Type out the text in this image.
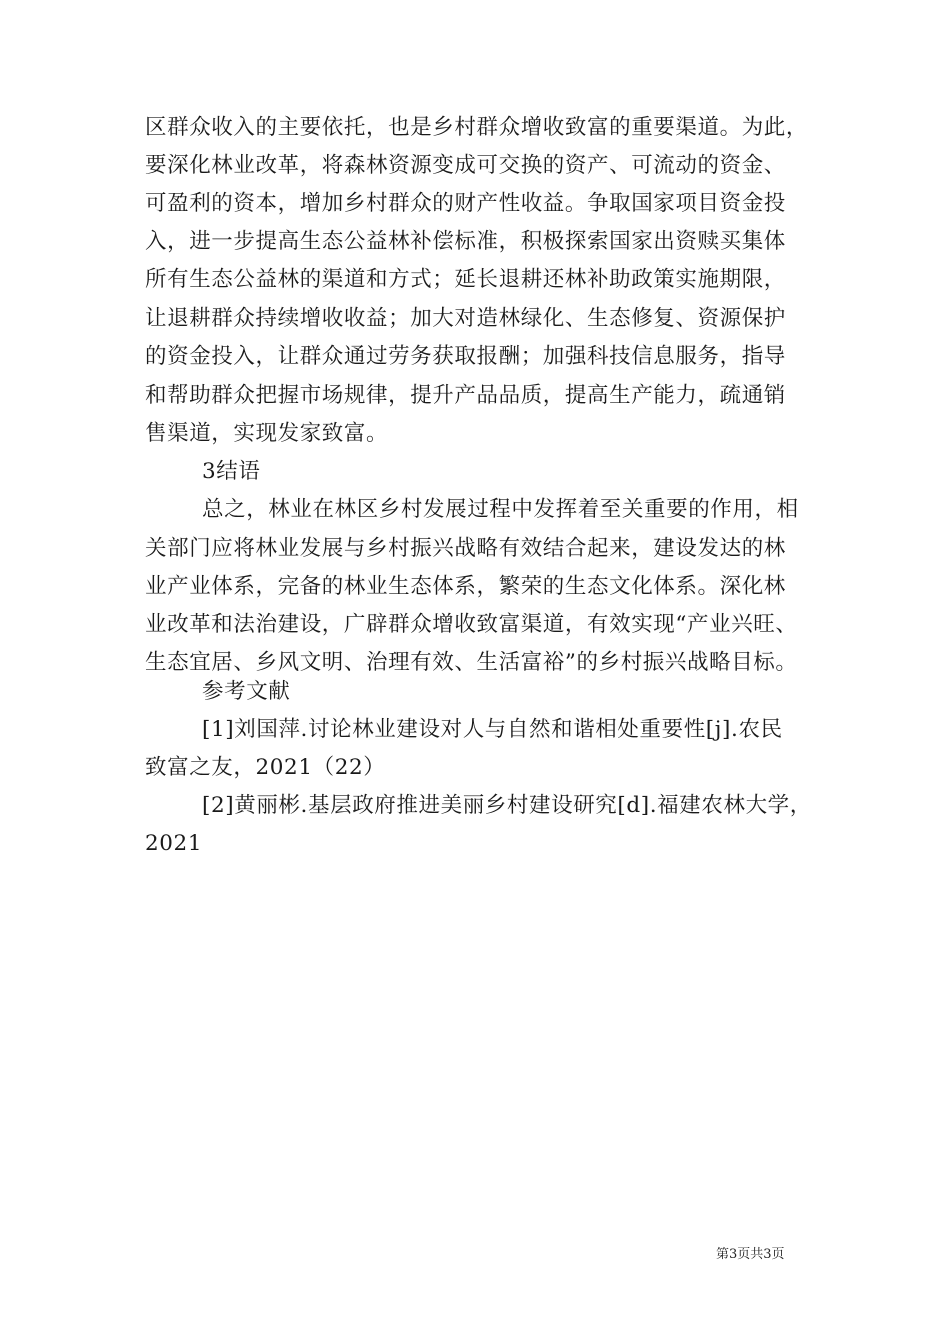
区群众收入的主要依托，也是乡村群众增收致富的重要渠道。为此，
要深化林业改革，将森林资源变成可交换的资产、可流动的资金、
可盈利的资本，增加乡村群众的财产性收益。争取国家项目资金投
入，进一步提高生态公益林补偿标准，积极探索国家出资赎买集体
所有生态公益林的渠道和方式；延长退耕还林补助政策实施期限，
让退耕群众持续增收收益；加大对造林绿化、生态修复、资源保护
的资金投入，让群众通过劳务获取报酬；加强科技信息服务，指导
和帮助群众把握市场规律，提升产品品质，提高生产能力，疏通销
售渠道，实现发家致富。
3结语
总之，林业在林区乡村发展过程中发挥着至关重要的作用，相
关部门应将林业发展与乡村振兴战略有效结合起来，建设发达的林
业产业体系，完备的林业生态体系，繁荣的生态文化体系。深化林
业改革和法治建设，广辟群众增收致富渠道，有效实现“产业兴旺、
生态宜居、乡风文明、治理有效、生活富裕”的乡村振兴战略目标。
参考文献
[1]刘国萍.讨论林业建设对人与自然和谐相处重要性[j].农民
致富之友，2021（22）
[2]黄丽彬.基层政府推进美丽乡村建设研究[d].福建农林大学，
2021
第3页共3页
